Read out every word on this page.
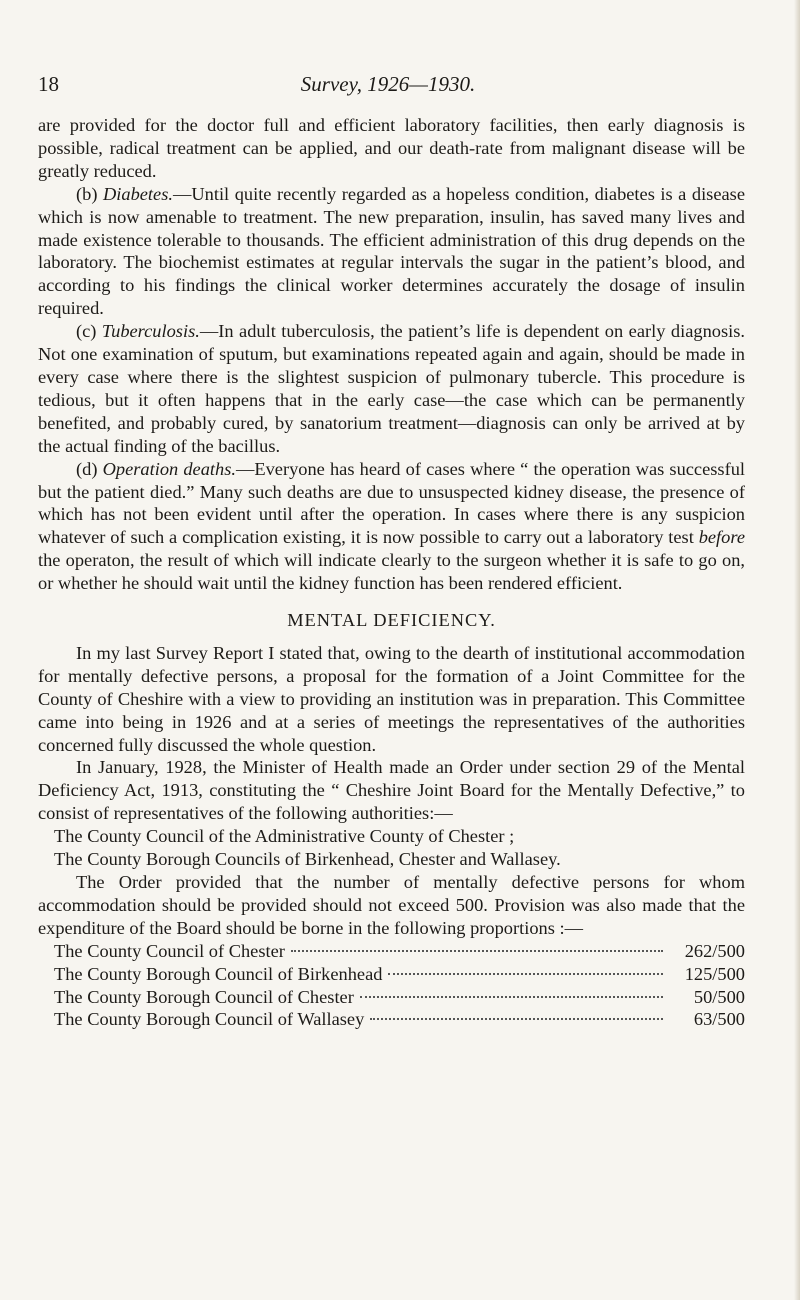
18	Survey, 1926—1930.

are provided for the doctor full and efficient laboratory facilities, then early diagnosis is possible, radical treatment can be applied, and our death-rate from malignant disease will be greatly reduced.

(b) Diabetes.—Until quite recently regarded as a hopeless condition, diabetes is a disease which is now amenable to treatment. The new preparation, insulin, has saved many lives and made existence tolerable to thousands. The efficient administration of this drug depends on the laboratory. The biochemist estimates at regular intervals the sugar in the patient’s blood, and according to his findings the clinical worker determines accurately the dosage of insulin required.

(c) Tuberculosis.—In adult tuberculosis, the patient’s life is dependent on early diagnosis. Not one examination of sputum, but examinations repeated again and again, should be made in every case where there is the slightest suspicion of pulmonary tubercle. This procedure is tedious, but it often happens that in the early case—the case which can be permanently benefited, and probably cured, by sanatorium treatment—diagnosis can only be arrived at by the actual finding of the bacillus.

(d) Operation deaths.—Everyone has heard of cases where “ the operation was successful but the patient died.” Many such deaths are due to unsuspected kidney disease, the presence of which has not been evident until after the operation. In cases where there is any suspicion whatever of such a complication existing, it is now possible to carry out a laboratory test before the operaton, the result of which will indicate clearly to the surgeon whether it is safe to go on, or whether he should wait until the kidney function has been rendered efficient.

MENTAL DEFICIENCY.

In my last Survey Report I stated that, owing to the dearth of institutional accommodation for mentally defective persons, a proposal for the formation of a Joint Committee for the County of Cheshire with a view to providing an institution was in preparation. This Committee came into being in 1926 and at a series of meetings the representatives of the authorities concerned fully discussed the whole question.

In January, 1928, the Minister of Health made an Order under section 29 of the Mental Deficiency Act, 1913, constituting the “ Cheshire Joint Board for the Mentally Defective,” to consist of representatives of the following authorities:—

The County Council of the Administrative County of Chester ;
The County Borough Councils of Birkenhead, Chester and Wallasey.

The Order provided that the number of mentally defective persons for whom accommodation should be provided should not exceed 500. Provision was also made that the expenditure of the Board should be borne in the following proportions :—

The County Council of Chester	262/500
The County Borough Council of Birkenhead	125/500
The County Borough Council of Chester	50/500
The County Borough Council of Wallasey	63/500
